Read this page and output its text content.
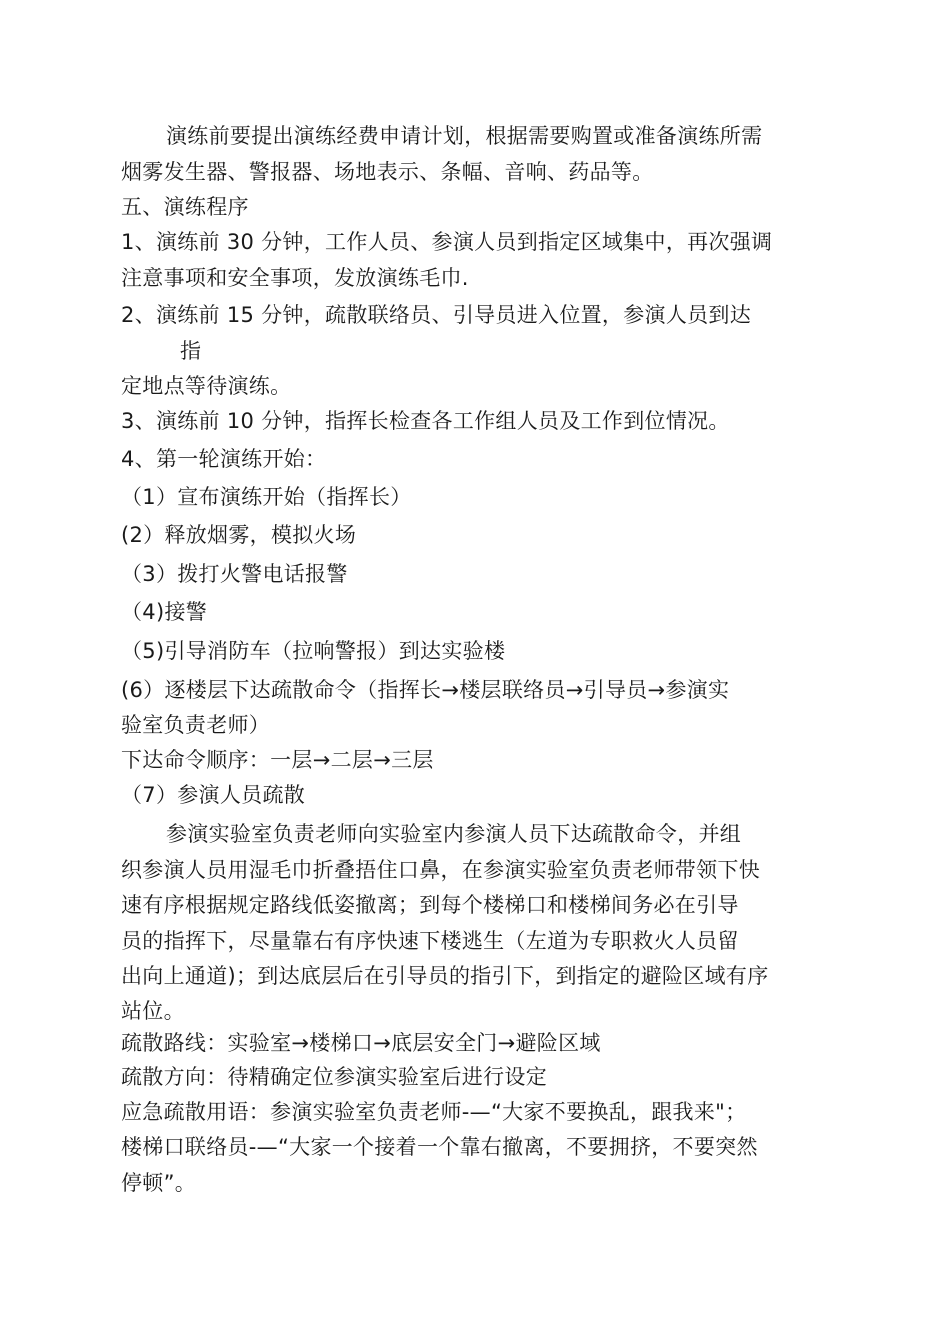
演练前要提出演练经费申请计划，根据需要购置或准备演练所需
烟雾发生器、警报器、场地表示、条幅、音响、药品等。
五、演练程序
1、演练前 30 分钟，工作人员、参演人员到指定区域集中，再次强调
注意事项和安全事项，发放演练毛巾.
2、演练前 15 分钟，疏散联络员、引导员进入位置，参演人员到达
指
定地点等待演练。
3、演练前 10 分钟，指挥长检查各工作组人员及工作到位情况。
4、第一轮演练开始：
（1）宣布演练开始（指挥长）
(2）释放烟雾，模拟火场
（3）拨打火警电话报警
（4)接警
（5)引导消防车（拉响警报）到达实验楼
(6）逐楼层下达疏散命令（指挥长→楼层联络员→引导员→参演实
验室负责老师）
下达命令顺序：一层→二层→三层
（7）参演人员疏散
参演实验室负责老师向实验室内参演人员下达疏散命令，并组
织参演人员用湿毛巾折叠捂住口鼻，在参演实验室负责老师带领下快
速有序根据规定路线低姿撤离；到每个楼梯口和楼梯间务必在引导
员的指挥下，尽量靠右有序快速下楼逃生（左道为专职救火人员留
出向上通道)；到达底层后在引导员的指引下，到指定的避险区域有序
站位。
疏散路线：实验室→楼梯口→底层安全门→避险区域
疏散方向：待精确定位参演实验室后进行设定
应急疏散用语：参演实验室负责老师-—“大家不要换乱，跟我来"；
楼梯口联络员-—“大家一个接着一个靠右撤离，不要拥挤，不要突然
停顿”。
